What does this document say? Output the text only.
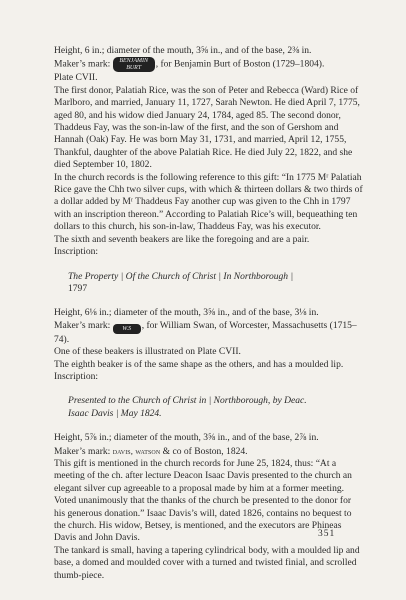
Height, 6 in.; diameter of the mouth, 3⅝ in., and of the base, 2⅜ in.

Maker’s mark: BENJAMIN BURT , for Benjamin Burt of Boston (1729–1804).

Plate CVII.

The first donor, Palatiah Rice, was the son of Peter and Rebecca (Ward) Rice of Marlboro, and married, January 11, 1727, Sarah Newton. He died April 7, 1775, aged 80, and his widow died January 24, 1784, aged 85. The second donor, Thaddeus Fay, was the son-in-law of the first, and the son of Gershom and Hannah (Oak) Fay. He was born May 31, 1731, and married, April 12, 1755, Thankful, daughter of the above Palatiah Rice. He died July 22, 1822, and she died September 10, 1802.

In the church records is the following reference to this gift: “In 1775 Mʳ Palatiah Rice gave the Chh two silver cups, with which & thirteen dollars & two thirds of a dollar added by Mʳ Thaddeus Fay another cup was given to the Chh in 1797 with an inscription thereon.” According to Palatiah Rice’s will, bequeathing ten dollars to this church, his son-in-law, Thaddeus Fay, was his executor.

The sixth and seventh beakers are like the foregoing and are a pair.

Inscription:

The Property | Of the Church of Christ | In Northborough |

1797

Height, 6⅛ in.; diameter of the mouth, 3⅝ in., and of the base, 3⅛ in.

Maker’s mark: W.S , for William Swan, of Worcester, Massachusetts (1715–74).

One of these beakers is illustrated on Plate CVII.

The eighth beaker is of the same shape as the others, and has a moulded lip.

Inscription:

Presented to the Church of Christ in | Northborough, by Deac.

Isaac Davis | May 1824.

Height, 5⅞ in.; diameter of the mouth, 3⅝ in., and of the base, 2⅞ in.

Maker’s mark: davis, watson & co of Boston, 1824.

This gift is mentioned in the church records for June 25, 1824, thus: “At a meeting of the ch. after lecture Deacon Isaac Davis presented to the church an elegant silver cup agreeable to a proposal made by him at a former meeting. Voted unanimously that the thanks of the church be presented to the donor for his generous donation.” Isaac Davis’s will, dated 1826, contains no bequest to the church. His widow, Betsey, is mentioned, and the executors are Phineas Davis and John Davis.

The tankard is small, having a tapering cylindrical body, with a moulded lip and base, a domed and moulded cover with a turned and twisted finial, and scrolled thumb-piece.

351
